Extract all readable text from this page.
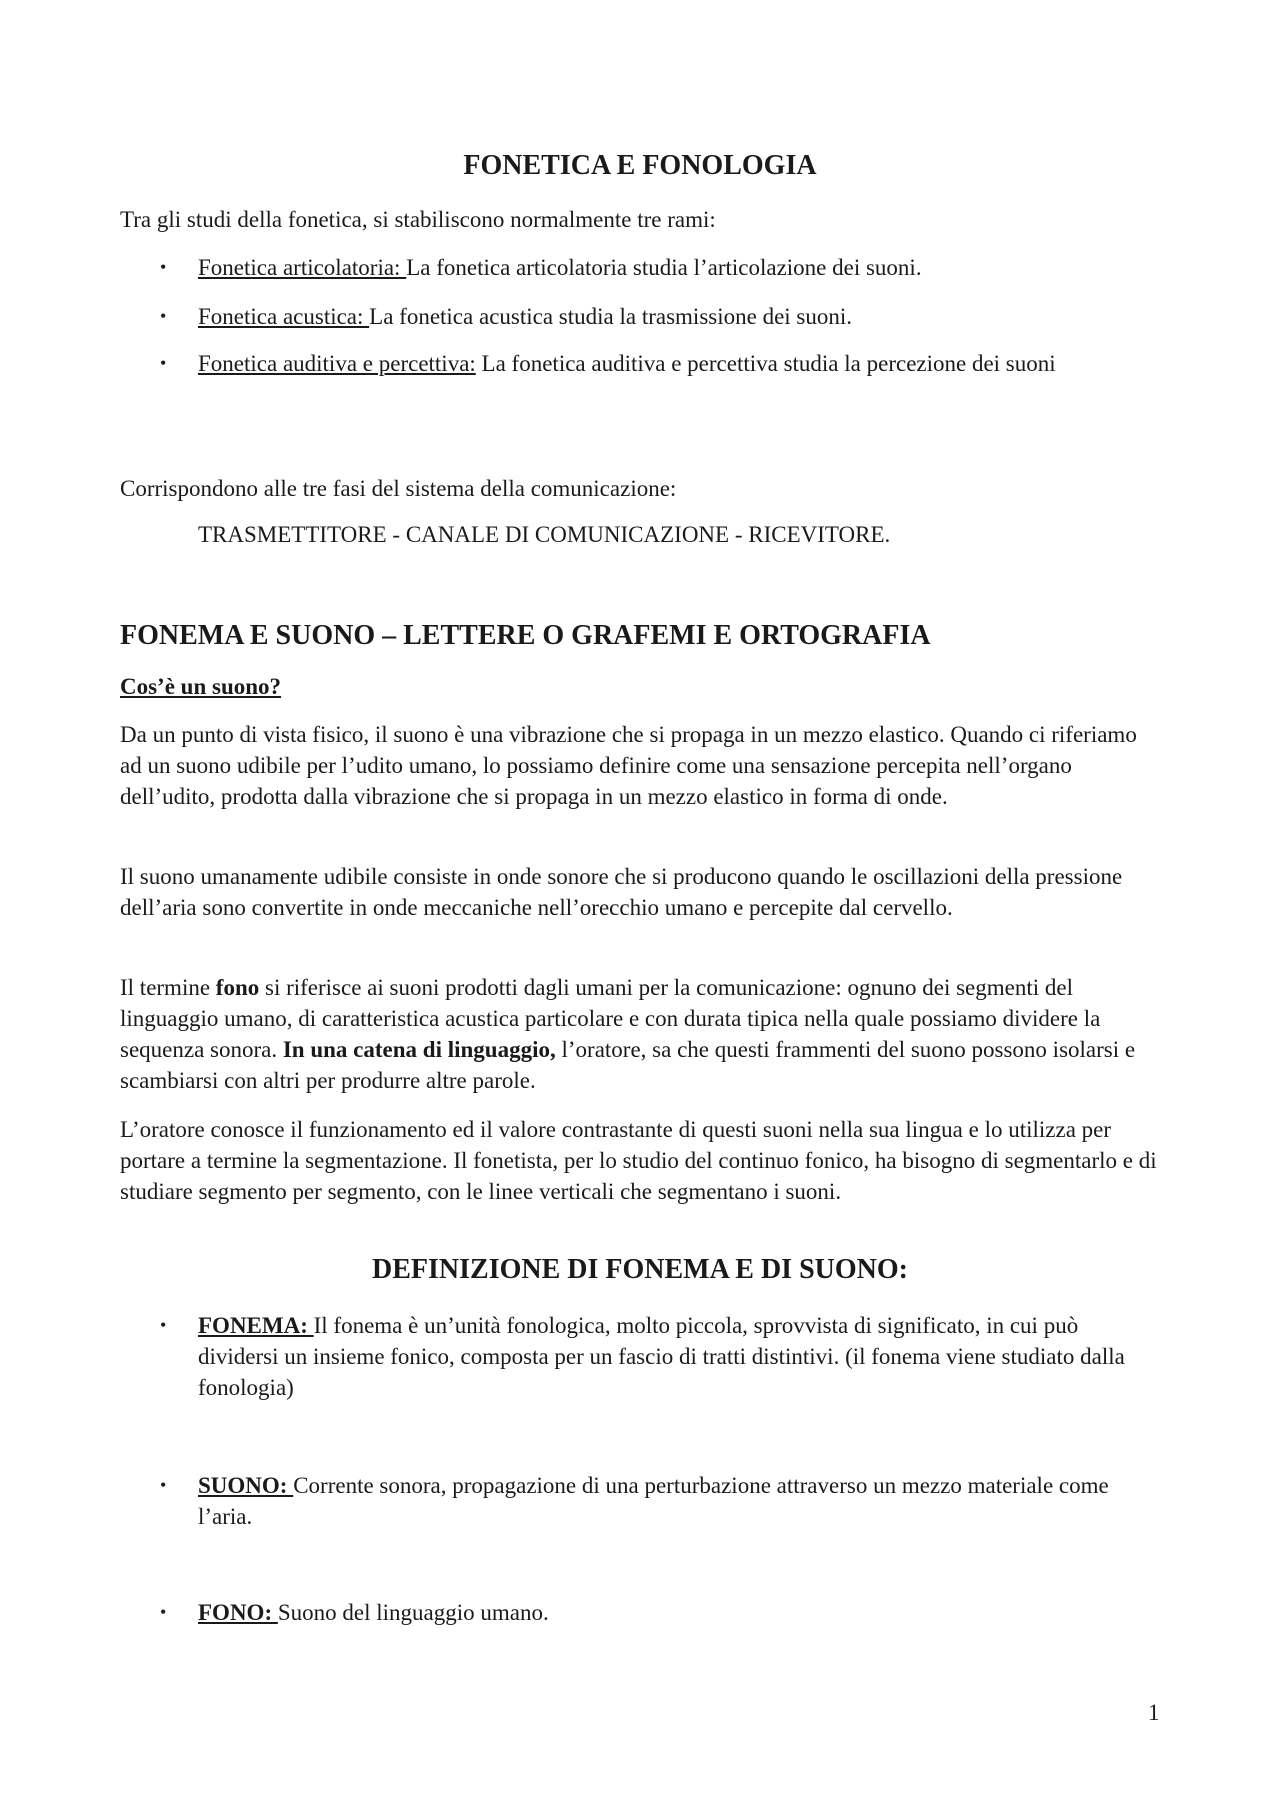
FONETICA E FONOLOGIA

Tra gli studi della fonetica, si stabiliscono normalmente tre rami:

•	Fonetica articolatoria: La fonetica articolatoria studia l’articolazione dei suoni.
•	Fonetica acustica: La fonetica acustica studia la trasmissione dei suoni.
•	Fonetica auditiva e percettiva: La fonetica auditiva e percettiva studia la percezione dei suoni

Corrispondono alle tre fasi del sistema della comunicazione:

TRASMETTITORE - CANALE DI COMUNICAZIONE - RICEVITORE.

FONEMA E SUONO – LETTERE O GRAFEMI E ORTOGRAFIA

Cos’è un suono?

Da un punto di vista fisico, il suono è una vibrazione che si propaga in un mezzo elastico. Quando ci riferiamo ad un suono udibile per l’udito umano, lo possiamo definire come una sensazione percepita nell’organo dell’udito, prodotta dalla vibrazione che si propaga in un mezzo elastico in forma di onde.

Il suono umanamente udibile consiste in onde sonore che si producono quando le oscillazioni della pressione dell’aria sono convertite in onde meccaniche nell’orecchio umano e percepite dal cervello.

Il termine fono si riferisce ai suoni prodotti dagli umani per la comunicazione: ognuno dei segmenti del linguaggio umano, di caratteristica acustica particolare e con durata tipica nella quale possiamo dividere la sequenza sonora. In una catena di linguaggio, l’oratore, sa che questi frammenti del suono possono isolarsi e scambiarsi con altri per produrre altre parole.

L’oratore conosce il funzionamento ed il valore contrastante di questi suoni nella sua lingua e lo utilizza per portare a termine la segmentazione. Il fonetista, per lo studio del continuo fonico, ha bisogno di segmentarlo e di studiare segmento per segmento, con le linee verticali che segmentano i suoni.

DEFINIZIONE DI FONEMA E DI SUONO:
•	FONEMA: Il fonema è un’unità fonologica, molto piccola, sprovvista di significato, in cui può dividersi un insieme fonico, composta per un fascio di tratti distintivi. (il fonema viene studiato dalla fonologia)
•	SUONO: Corrente sonora, propagazione di una perturbazione attraverso un mezzo materiale come l’aria.
•	FONO: Suono del linguaggio umano.
1
